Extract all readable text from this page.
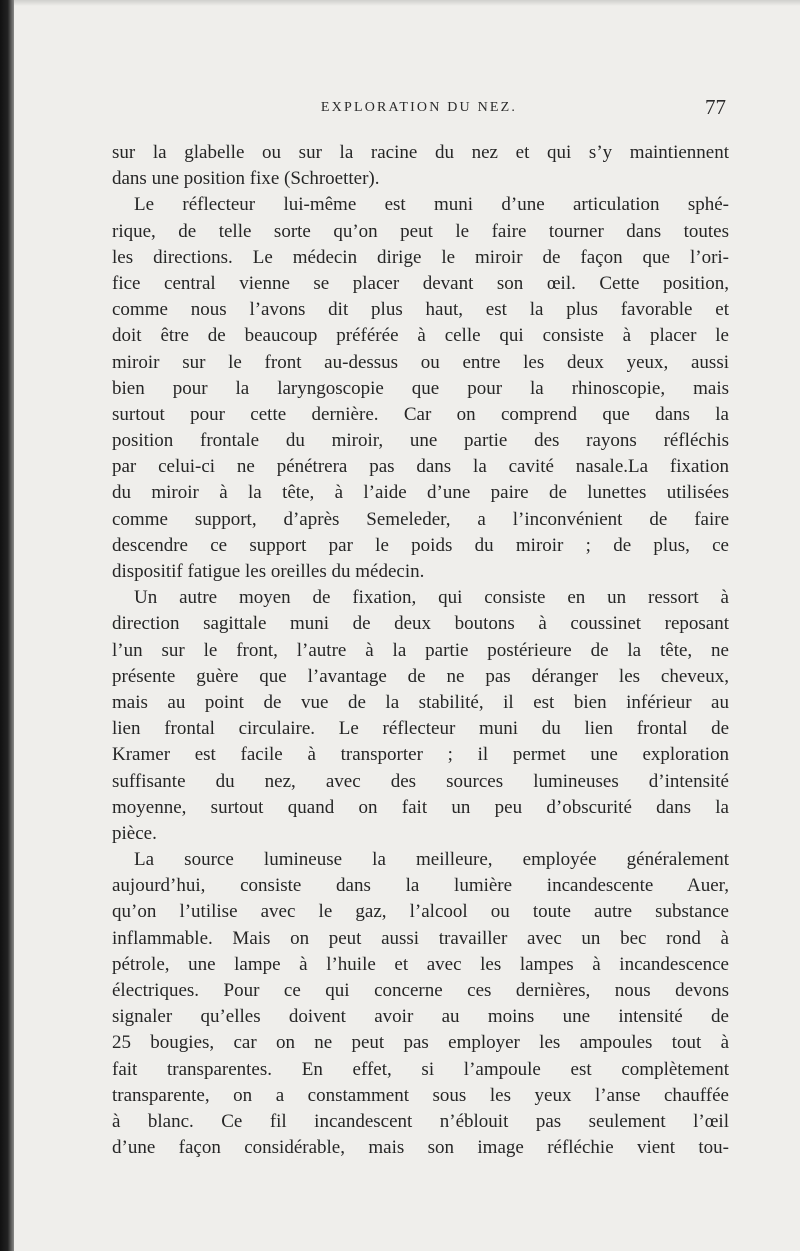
EXPLORATION DU NEZ.	77
sur la glabelle ou sur la racine du nez et qui s’y maintiennent
dans une position fixe (Schroetter).
Le réflecteur lui-même est muni d’une articulation sphé-
rique, de telle sorte qu’on peut le faire tourner dans toutes
les directions. Le médecin dirige le miroir de façon que l’ori-
fice central vienne se placer devant son œil. Cette position,
comme nous l’avons dit plus haut, est la plus favorable et
doit être de beaucoup préférée à celle qui consiste à placer le
miroir sur le front au-dessus ou entre les deux yeux, aussi
bien pour la laryngoscopie que pour la rhinoscopie, mais
surtout pour cette dernière. Car on comprend que dans la
position frontale du miroir, une partie des rayons réfléchis
par celui-ci ne pénétrera pas dans la cavité nasale.La fixation
du miroir à la tête, à l’aide d’une paire de lunettes utilisées
comme support, d’après Semeleder, a l’inconvénient de faire
descendre ce support par le poids du miroir ; de plus, ce
dispositif fatigue les oreilles du médecin.
Un autre moyen de fixation, qui consiste en un ressort à
direction sagittale muni de deux boutons à coussinet reposant
l’un sur le front, l’autre à la partie postérieure de la tête, ne
présente guère que l’avantage de ne pas déranger les cheveux,
mais au point de vue de la stabilité, il est bien inférieur au
lien frontal circulaire. Le réflecteur muni du lien frontal de
Kramer est facile à transporter ; il permet une exploration
suffisante du nez, avec des sources lumineuses d’intensité
moyenne, surtout quand on fait un peu d’obscurité dans la
pièce.
La source lumineuse la meilleure, employée généralement
aujourd’hui, consiste dans la lumière incandescente Auer,
qu’on l’utilise avec le gaz, l’alcool ou toute autre substance
inflammable. Mais on peut aussi travailler avec un bec rond à
pétrole, une lampe à l’huile et avec les lampes à incandescence
électriques. Pour ce qui concerne ces dernières, nous devons
signaler qu’elles doivent avoir au moins une intensité de
25 bougies, car on ne peut pas employer les ampoules tout à
fait transparentes. En effet, si l’ampoule est complètement
transparente, on a constamment sous les yeux l’anse chauffée
à blanc. Ce fil incandescent n’éblouit pas seulement l’œil
d’une façon considérable, mais son image réfléchie vient tou-
